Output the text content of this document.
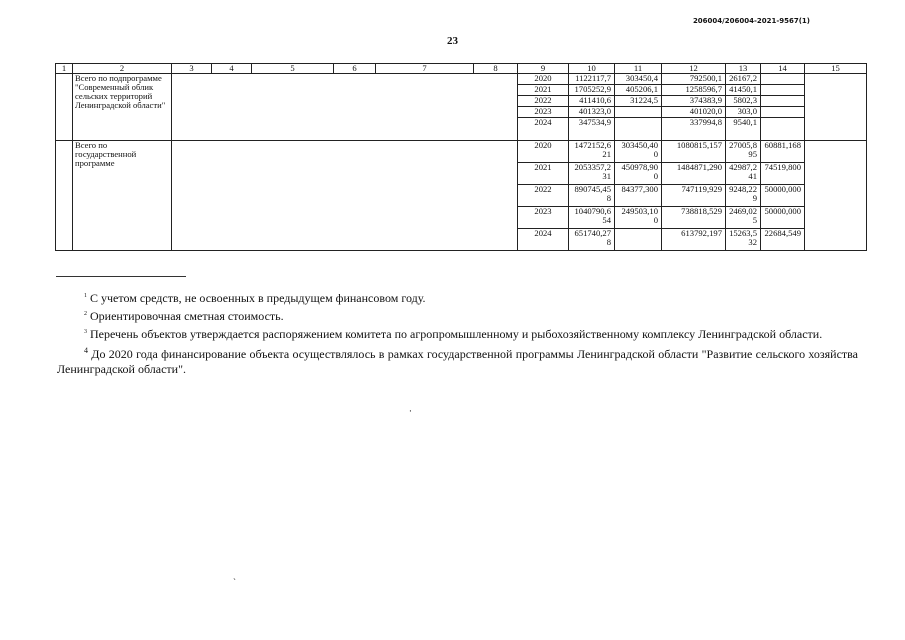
206004/206004-2021-9567(1)
23
1	2	3	4	5	6	7	8	9	10	11	12	13	14	15
	Всего по подпрограмме "Современный облик сельских территорий Ленинградской области"							2020	1122117,7	303450,4	792500,1	26167,2		
								2021	1705252,9	405206,1	1258596,7	41450,1		
								2022	411410,6	31224,5	374383,9	5802,3		
								2023	401323,0		401020,0	303,0		
								2024	347534,9		337994,8	9540,1		
	Всего по государственной программе							2020	1472152,621	303450,400	1080815,157	27005,895	60881,168	
								2021	2053357,231	450978,900	1484871,290	42987,241	74519,800	
								2022	890745,458	84377,300	747119,929	9248,229	50000,000	
								2023	1040790,654	249503,100	738818,529	2469,025	50000,000	
								2024	651740,278		613792,197	15263,532	22684,549	

$^1$ С учетом средств, не освоенных в предыдущем финансовом году.

$^2$ Ориентировочная сметная стоимость.

$^3$ Перечень объектов утверждается распоряжением комитета по агропромышленному и рыбохозяйственному комплексу Ленинградской области.

$^4$ До 2020 года финансирование объекта осуществлялось в рамках государственной программы Ленинградской области "Развитие сельского хозяйства Ленинградской области".

·
ˏ
